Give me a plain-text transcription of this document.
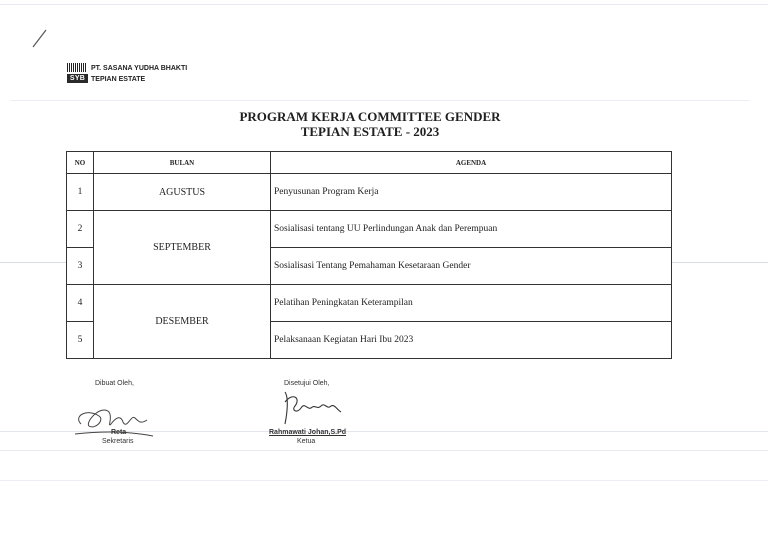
SYB
PT. SASANA YUDHA BHAKTI
TEPIAN ESTATE
PROGRAM KERJA COMMITTEE GENDER
TEPIAN ESTATE - 2023
NO	BULAN	AGENDA
1	AGUSTUS	Penyusunan Program Kerja
2	SEPTEMBER	Sosialisasi tentang UU Perlindungan Anak dan Perempuan
3		Sosialisasi Tentang Pemahaman Kesetaraan Gender
4	DESEMBER	Pelatihan Peningkatan Keterampilan
5		Pelaksanaan Kegiatan Hari Ibu 2023
Dibuat Oleh,
Reta
Sekretaris
Disetujui Oleh,
Rahmawati Johan,S.Pd
Ketua
